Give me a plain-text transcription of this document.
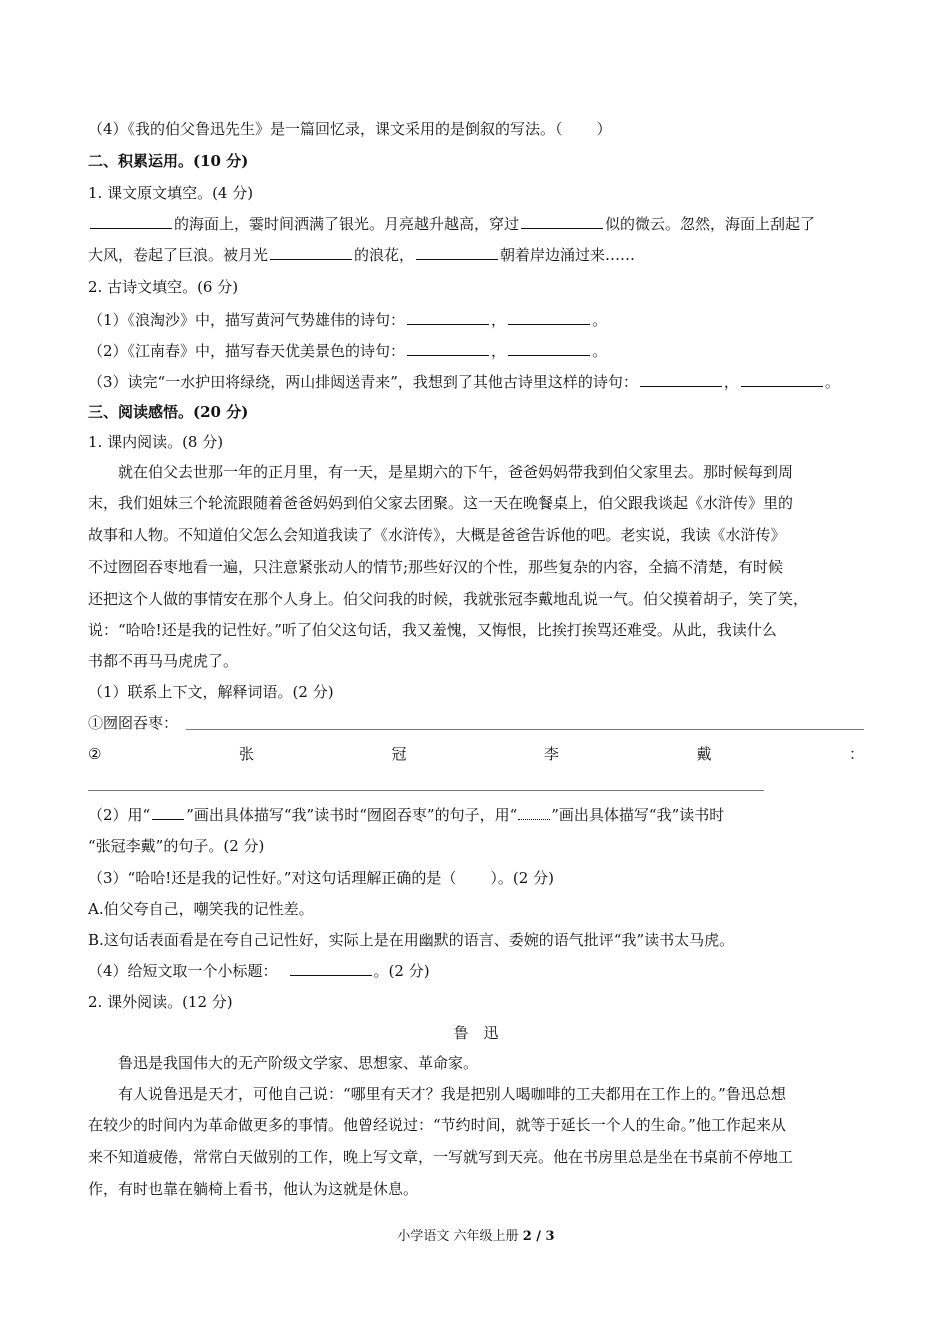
（4）《我的伯父鲁迅先生》是一篇回忆录，课文采用的是倒叙的写法。（ ）
二、积累运用。(10 分)
1. 课文原文填空。(4 分)
的海面上，霎时间洒满了银光。月亮越升越高，穿过	似的微云。忽然，海面上刮起了
大风，卷起了巨浪。被月光	的浪花，	朝着岸边涌过来……
2. 古诗文填空。(6 分)
（1）《浪淘沙》中，描写黄河气势雄伟的诗句：	，	。
（2）《江南春》中，描写春天优美景色的诗句：	，	。
（3）读完“一水护田将绿绕，两山排闼送青来”，我想到了其他古诗里这样的诗句：	，	。
三、阅读感悟。(20 分)
1. 课内阅读。(8 分)
就在伯父去世那一年的正月里，有一天，是星期六的下午，爸爸妈妈带我到伯父家里去。那时候每到周
末，我们姐妹三个轮流跟随着爸爸妈妈到伯父家去团聚。这一天在晚餐桌上，伯父跟我谈起《水浒传》里的
故事和人物。不知道伯父怎么会知道我读了《水浒传》，大概是爸爸告诉他的吧。老实说，我读《水浒传》
不过囫囵吞枣地看一遍，只注意紧张动人的情节;那些好汉的个性，那些复杂的内容，全搞不清楚，有时候
还把这个人做的事情安在那个人身上。伯父问我的时候，我就张冠李戴地乱说一气。伯父摸着胡子，笑了笑，
说：“哈哈!还是我的记性好。”听了伯父这句话，我又羞愧，又悔恨，比挨打挨骂还难受。从此，我读什么
书都不再马马虎虎了。
（1）联系上下文，解释词语。(2 分)
①囫囵吞枣：
②	张	冠	李	戴	：
（2）用“ ”画出具体描写“我”读书时“囫囵吞枣”的句子，用“ ”画出具体描写“我”读书时
“张冠李戴”的句子。(2 分)
（3）“哈哈!还是我的记性好。”对这句话理解正确的是（ ）。(2 分)
A.伯父夸自己，嘲笑我的记性差。
B.这句话表面看是在夸自己记性好，实际上是在用幽默的语言、委婉的语气批评“我”读书太马虎。
（4）给短文取一个小标题：	。(2 分)
2. 课外阅读。(12 分)
鲁　迅
鲁迅是我国伟大的无产阶级文学家、思想家、革命家。
有人说鲁迅是天才，可他自己说：“哪里有天才？我是把别人喝咖啡的工夫都用在工作上的。”鲁迅总想
在较少的时间内为革命做更多的事情。他曾经说过：“节约时间，就等于延长一个人的生命。”他工作起来从
来不知道疲倦，常常白天做别的工作，晚上写文章，一写就写到天亮。他在书房里总是坐在书桌前不停地工
作，有时也靠在躺椅上看书，他认为这就是休息。
小学语文 六年级上册 2 / 3
